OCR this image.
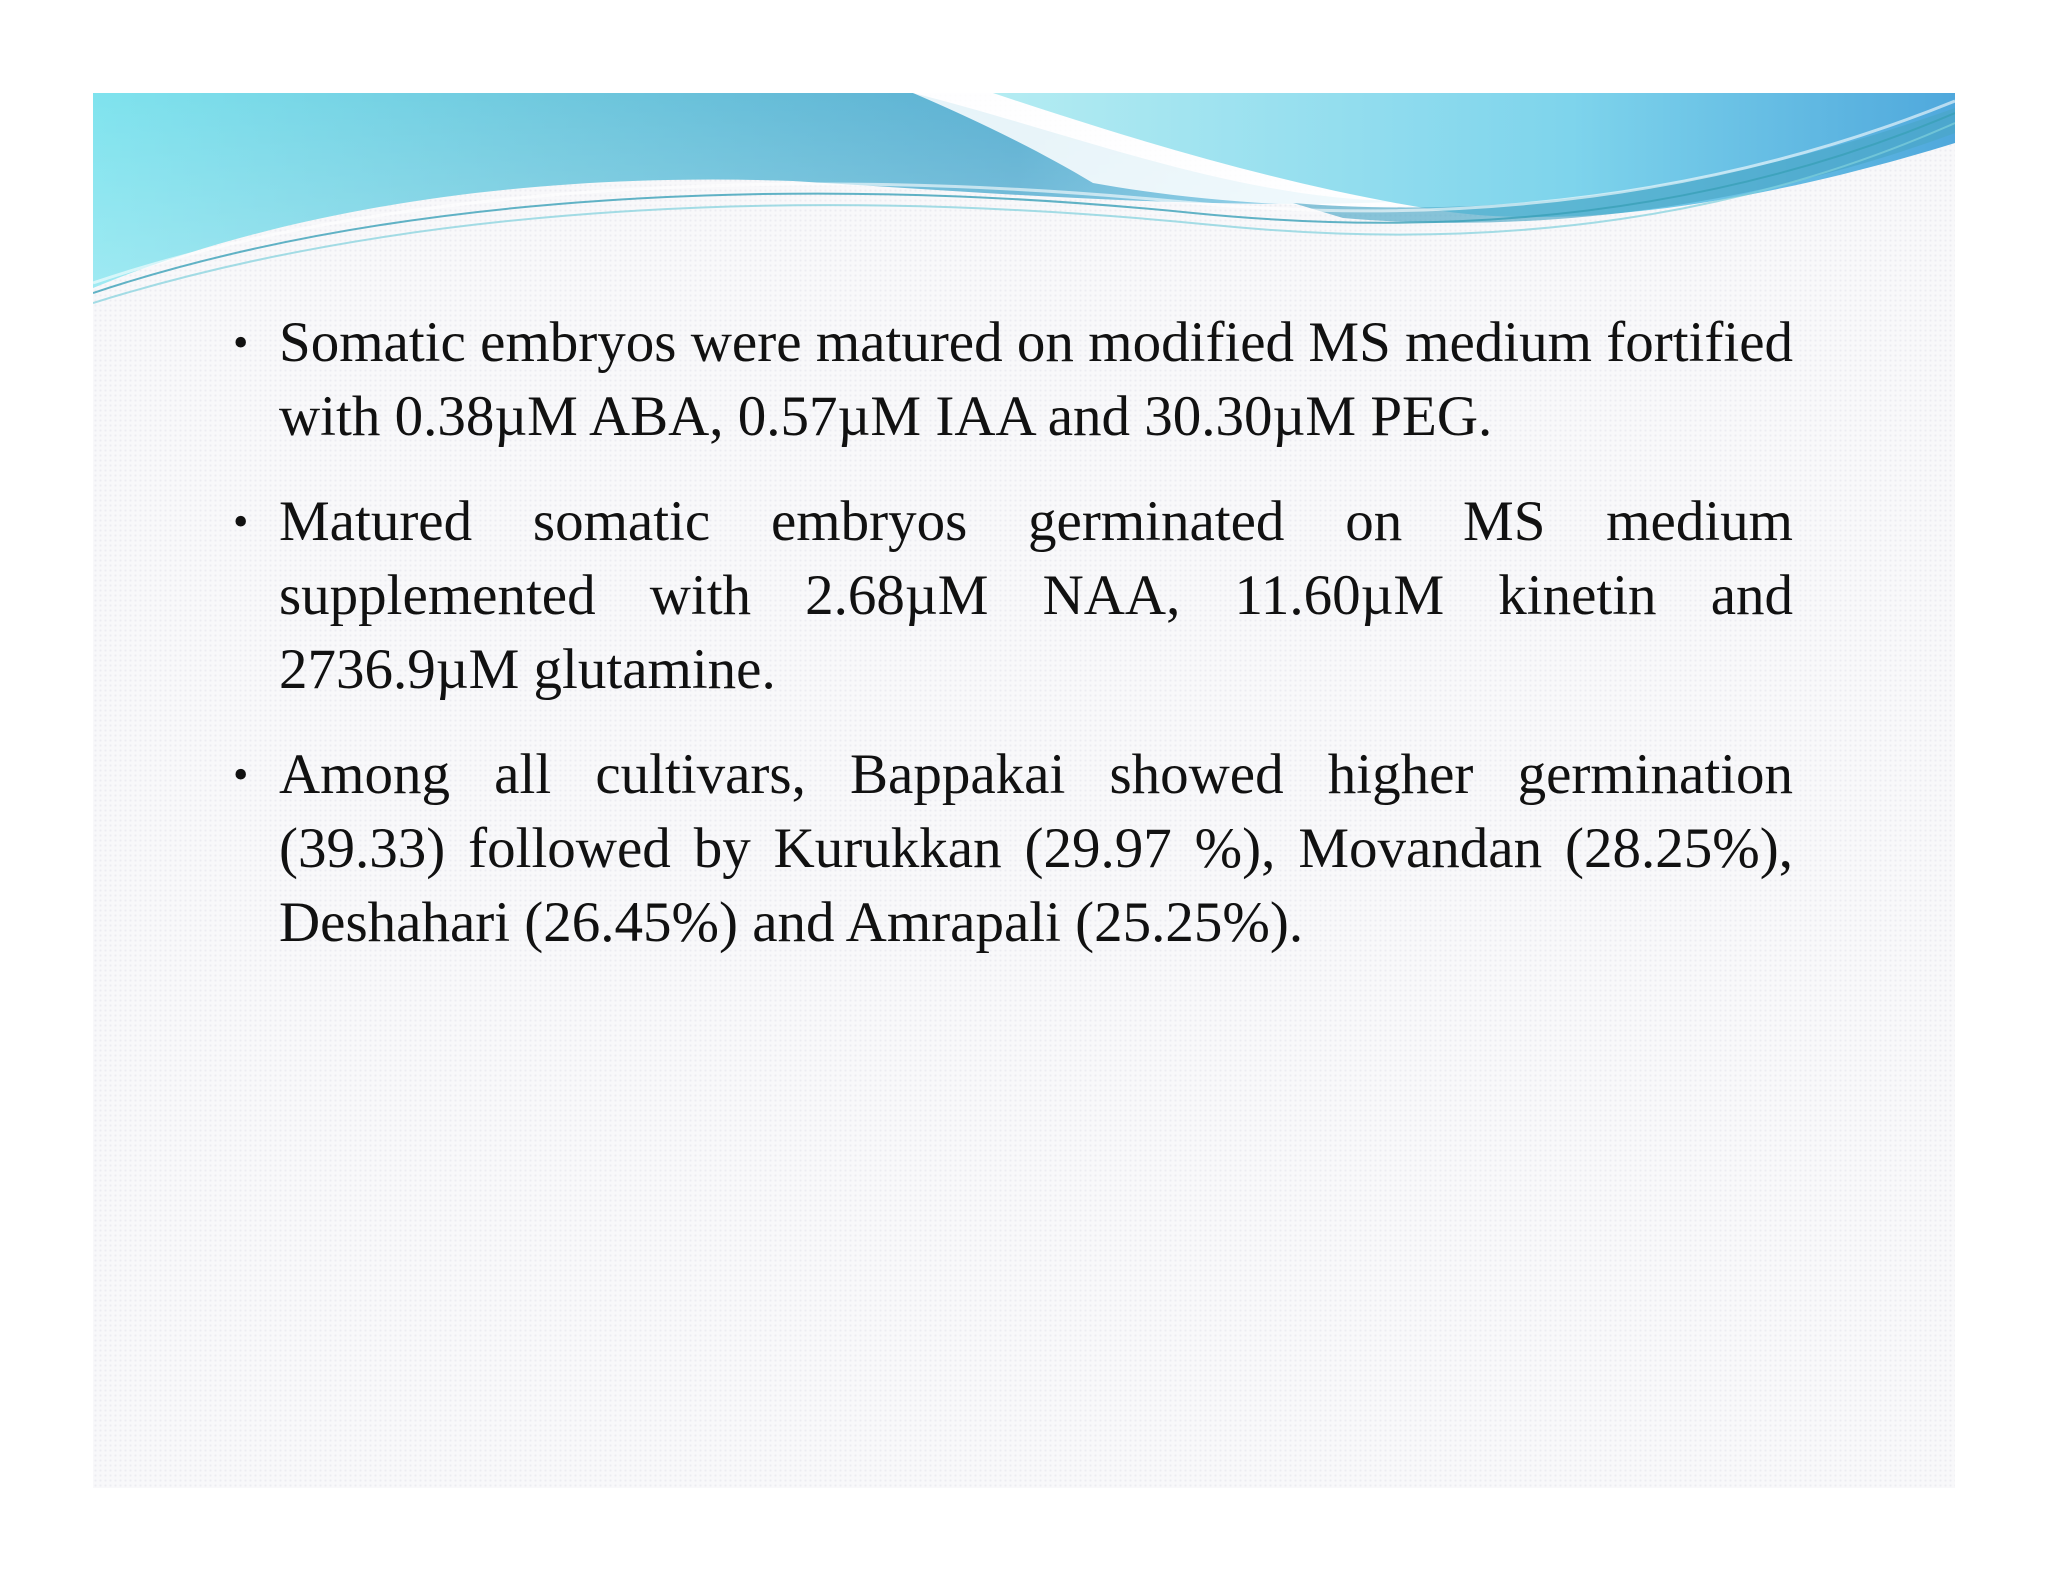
• Somatic embryos were matured on modified MS medium fortified with 0.38µM ABA, 0.57µM IAA and 30.30µM PEG.
• Matured somatic embryos germinated on MS medium supplemented with 2.68µM NAA, 11.60µM kinetin and 2736.9µM glutamine.
• Among all cultivars, Bappakai showed higher germination (39.33) followed by Kurukkan (29.97 %), Movandan (28.25%), Deshahari (26.45%) and Amrapali (25.25%).
